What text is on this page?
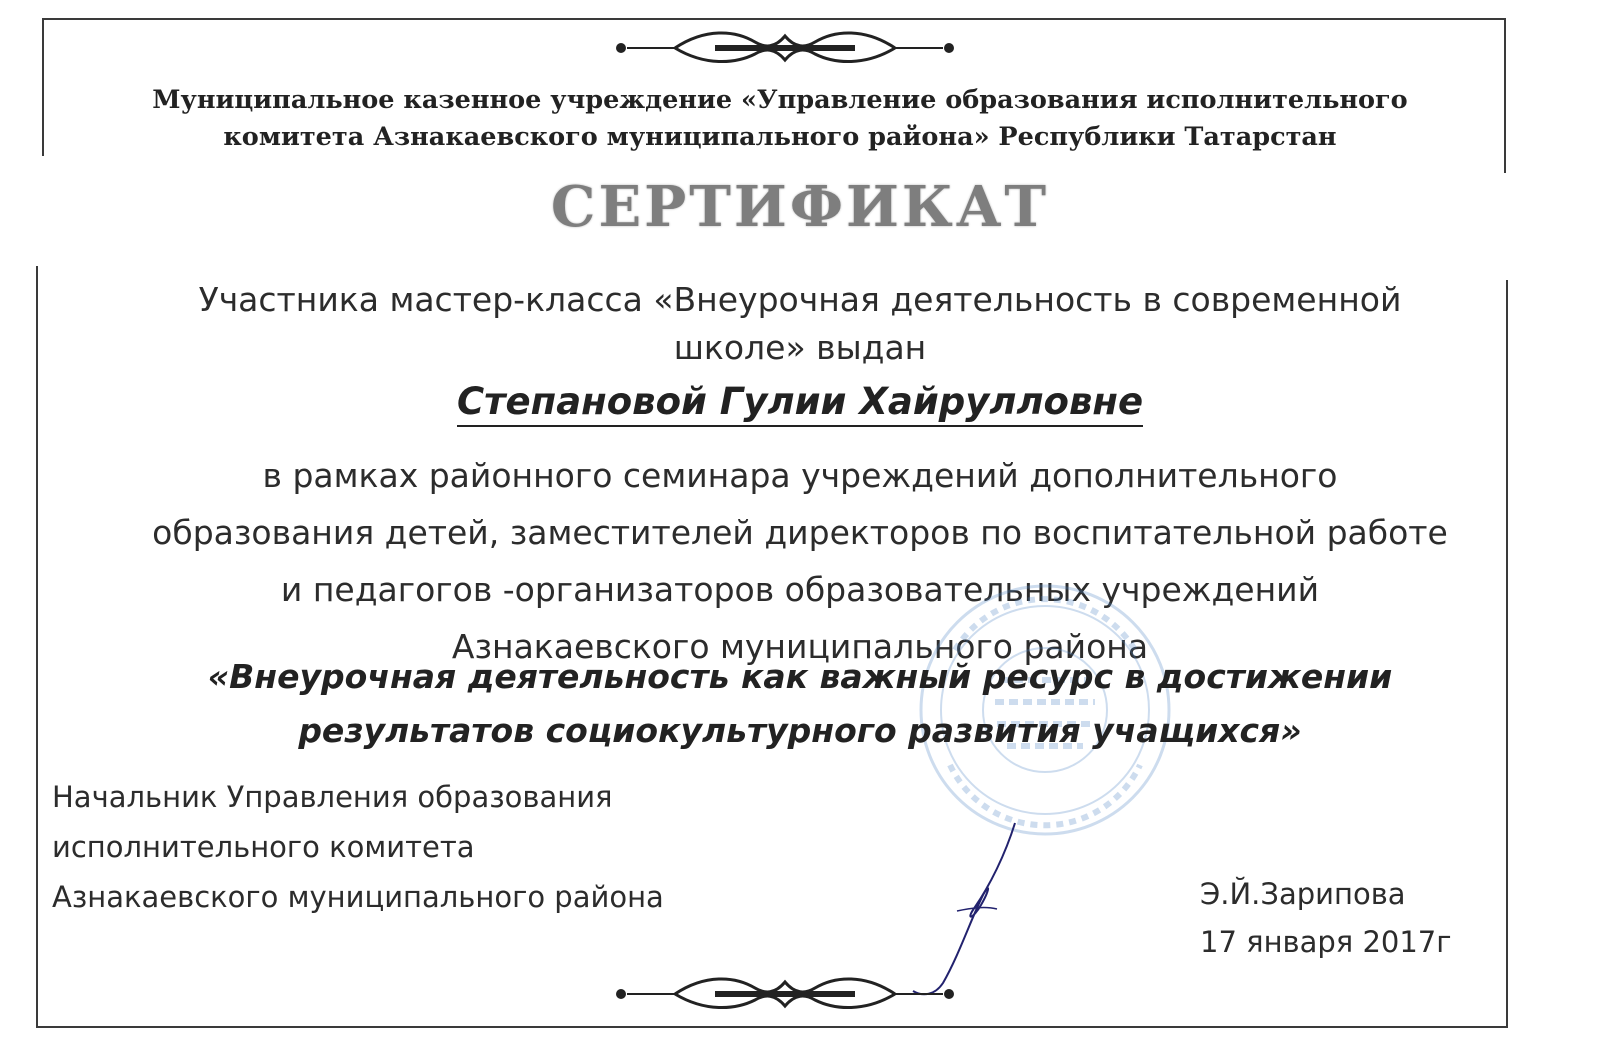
Муниципальное казенное учреждение «Управление образования исполнительного
комитета Азнакаевского муниципального района» Республики Татарстан
СЕРТИФИКАТ
Участника мастер-класса «Внеурочная деятельность в современной
школе» выдан
Степановой Гулии Хайрулловне
в рамках районного семинара учреждений дополнительного
образования детей, заместителей директоров по воспитательной работе
и педагогов -организаторов образовательных учреждений
Азнакаевского муниципального района
«Внеурочная деятельность как важный ресурс в достижении
результатов социокультурного развития учащихся»
Начальник Управления образования
исполнительного комитета
Азнакаевского муниципального района	Э.Й.Зарипова
17 января 2017г
